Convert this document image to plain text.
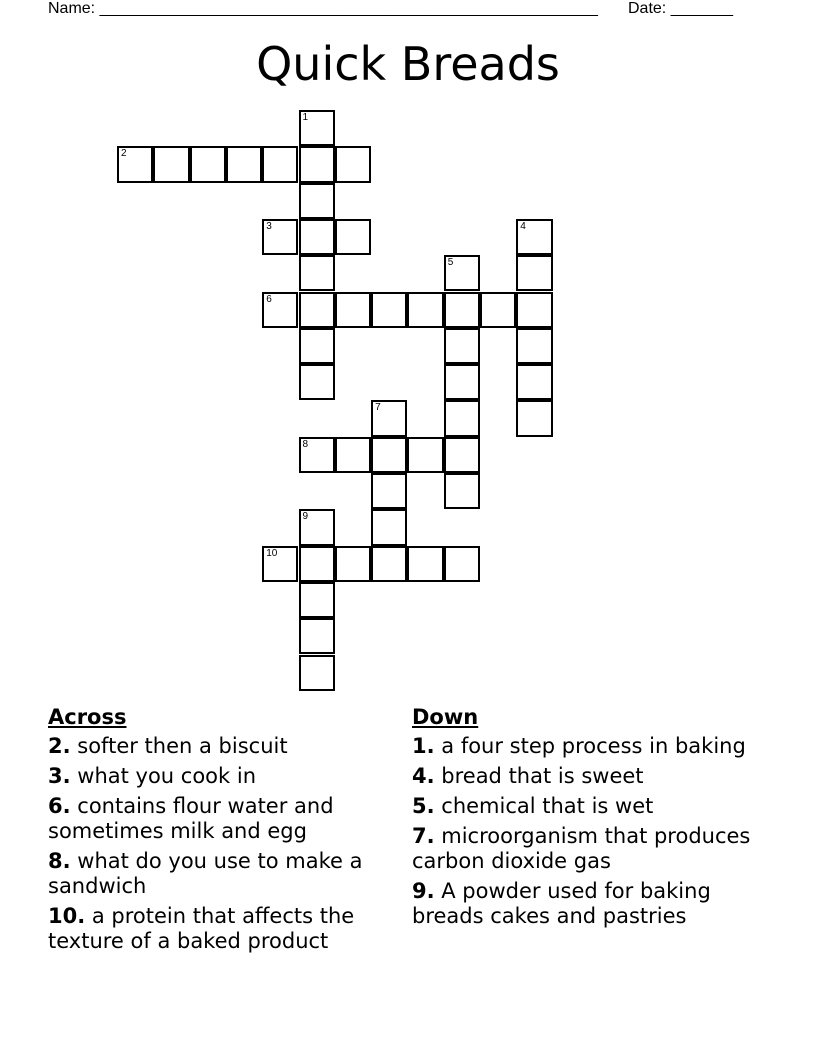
Name: ________________________________________________________ Date: _______
Quick Breads
1
2
3	4
5
6
7
8
9
10
Across
2. softer then a biscuit
3. what you cook in
6. contains flour water and sometimes milk and egg
8. what do you use to make a sandwich
10. a protein that affects the texture of a baked product
Down
1. a four step process in baking
4. bread that is sweet
5. chemical that is wet
7. microorganism that produces carbon dioxide gas
9. A powder used for baking breads cakes and pastries
